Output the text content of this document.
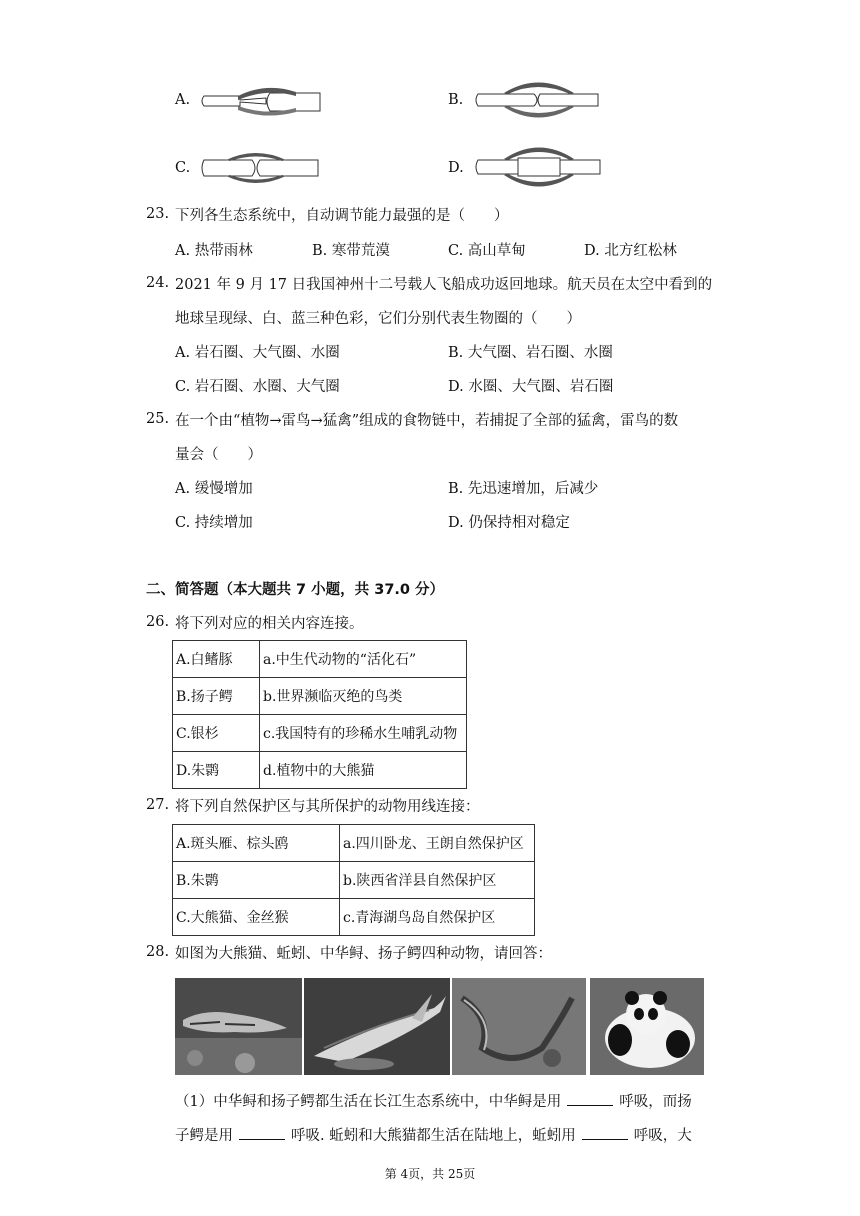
A.	B.
C.	D.
23. 下列各生态系统中，自动调节能力最强的是（　　）
A. 热带雨林	B. 寒带荒漠	C. 高山草甸	D. 北方红松林
24. 2021 年 9 月 17 日我国神州十二号载人飞船成功返回地球。航天员在太空中看到的
地球呈现绿、白、蓝三种色彩，它们分别代表生物圈的（　　）
A. 岩石圈、大气圈、水圈	B. 大气圈、岩石圈、水圈
C. 岩石圈、水圈、大气圈	D. 水圈、大气圈、岩石圈
25. 在一个由“植物→雷鸟→猛禽”组成的食物链中，若捕捉了全部的猛禽，雷鸟的数
量会（　　）
A. 缓慢增加	B. 先迅速增加，后减少
C. 持续增加	D. 仍保持相对稳定
二、简答题（本大题共 7 小题，共 37.0 分）
26. 将下列对应的相关内容连接。
A.白鳍豚	a.中生代动物的“活化石”
B.扬子鳄	b.世界濒临灭绝的鸟类
C.银杉	c.我国特有的珍稀水生哺乳动物
D.朱鹮	d.植物中的大熊猫
27. 将下列自然保护区与其所保护的动物用线连接：
A.斑头雁、棕头鸥	a.四川卧龙、王朗自然保护区
B.朱鹮	b.陕西省洋县自然保护区
C.大熊猫、金丝猴	c.青海湖鸟岛自然保护区
28. 如图为大熊猫、蚯蚓、中华鲟、扬子鳄四种动物，请回答：
（1）中华鲟和扬子鳄都生活在长江生态系统中，中华鲟是用	呼吸，而扬
子鳄是用	呼吸. 蚯蚓和大熊猫都生活在陆地上，蚯蚓用	呼吸，大
第 4页，共 25页
